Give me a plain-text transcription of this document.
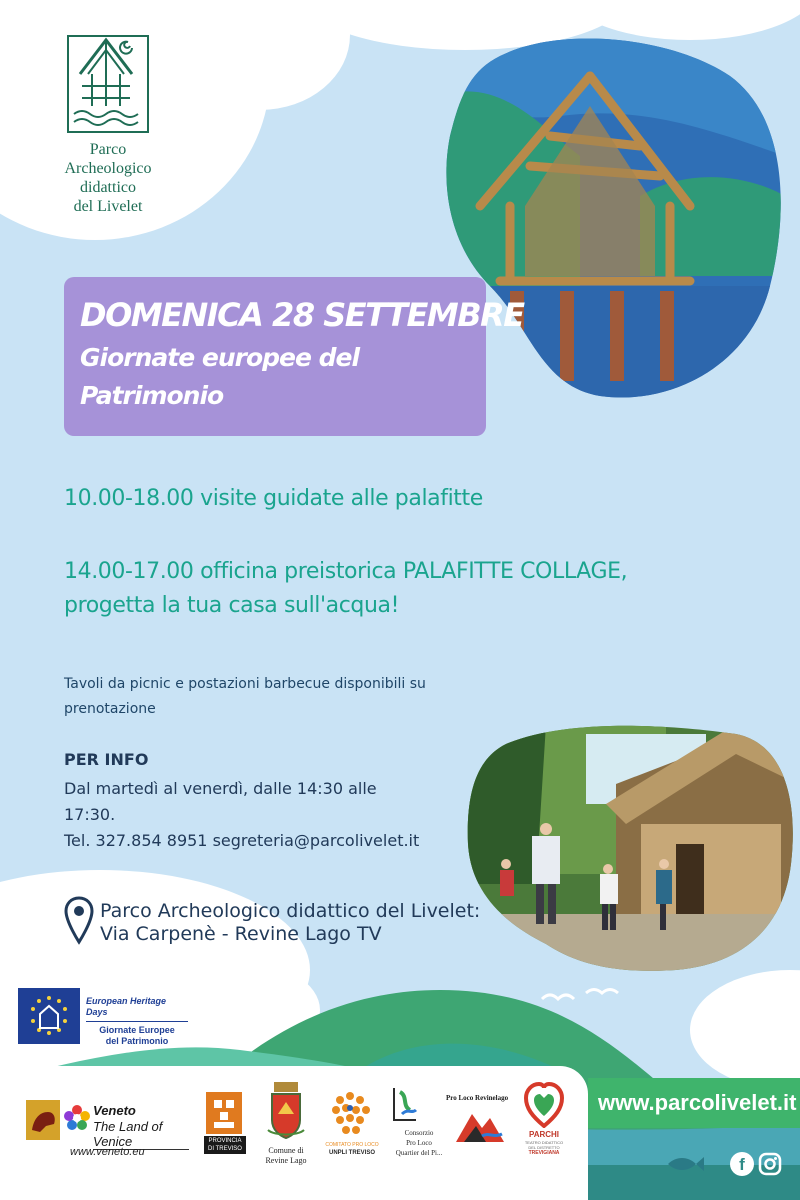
Parco
Archeologico
didattico
del Livelet
DOMENICA 28 SETTEMBRE
Giornate europee del Patrimonio
10.00-18.00 visite guidate alle palafitte
14.00-17.00 officina preistorica PALAFITTE COLLAGE,
progetta la tua casa sull'acqua!
Tavoli da picnic e postazioni barbecue disponibili su
prenotazione
PER INFO
Dal martedì al venerdì, dalle 14:30 alle
17:30.
Tel. 327.854 8951 segreteria@parcolivelet.it
Parco Archeologico didattico del Livelet:
Via Carpenè - Revine Lago TV
European Heritage Days
Giornate Europee
del Patrimonio
Veneto
The Land of Venice
www.veneto.eu
PROVINCIA
DI TREVISO	Comune di
Revine Lago
COMITATO PRO LOCO
UNPLI TREVISO
Consorzio
Pro Loco
Quartier del Pi...
Pro Loco Revinelago
PARCHI
TEATRO DIDATTICO
DEL DISTRETTO
TREVIGIANA
www.parcolivelet.it
f
